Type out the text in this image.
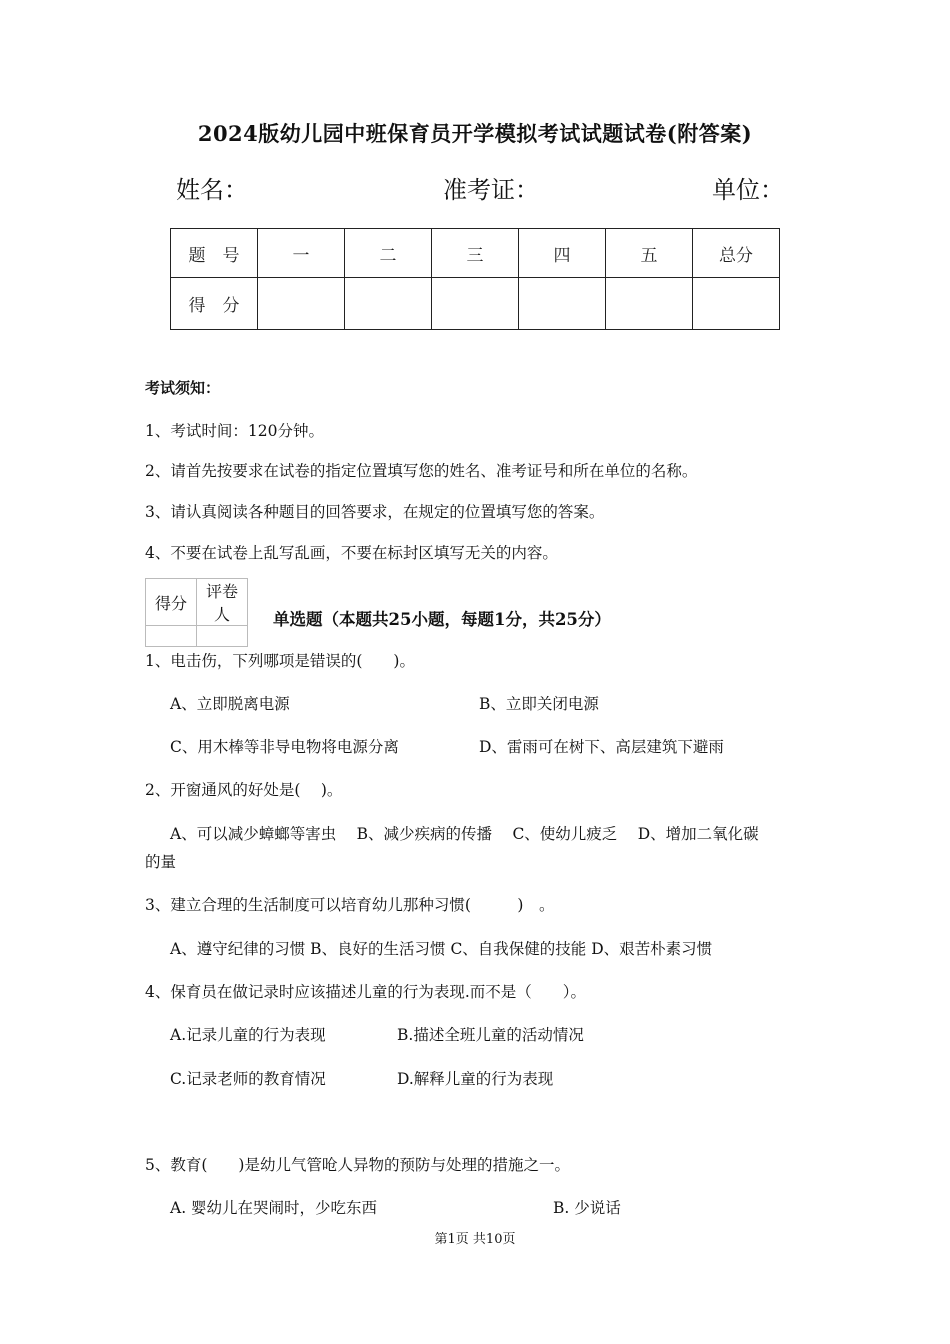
2024版幼儿园中班保育员开学模拟考试试题试卷(附答案)
姓名：	准考证：	单位：
题　号	一	二	三	四	五	总分
得　分						
考试须知：
1、考试时间：120分钟。
2、请首先按要求在试卷的指定位置填写您的姓名、准考证号和所在单位的名称。
3、请认真阅读各种题目的回答要求，在规定的位置填写您的答案。
4、不要在试卷上乱写乱画，不要在标封区填写无关的内容。
得分	评卷人
		单选题（本题共25小题，每题1分，共25分）
1、电击伤，下列哪项是错误的(　　)。
A、立即脱离电源	B、立即关闭电源
C、用木棒等非导电物将电源分离	D、雷雨可在树下、高层建筑下避雨
2、开窗通风的好处是(　 )。
A、可以减少蟑螂等害虫　 B、减少疾病的传播　 C、使幼儿疲乏　 D、增加二氧化碳
的量
3、建立合理的生活制度可以培育幼儿那种习惯(　　　)　。
A、遵守纪律的习惯 B、良好的生活习惯 C、自我保健的技能 D、艰苦朴素习惯
4、保育员在做记录时应该描述儿童的行为表现.而不是（　　）。
A.记录儿童的行为表现	B.描述全班儿童的活动情况
C.记录老师的教育情况	D.解释儿童的行为表现
5、教育(　　)是幼儿气管呛人异物的预防与处理的措施之一。
A. 婴幼儿在哭闹时，少吃东西	B. 少说话
第1页 共10页
